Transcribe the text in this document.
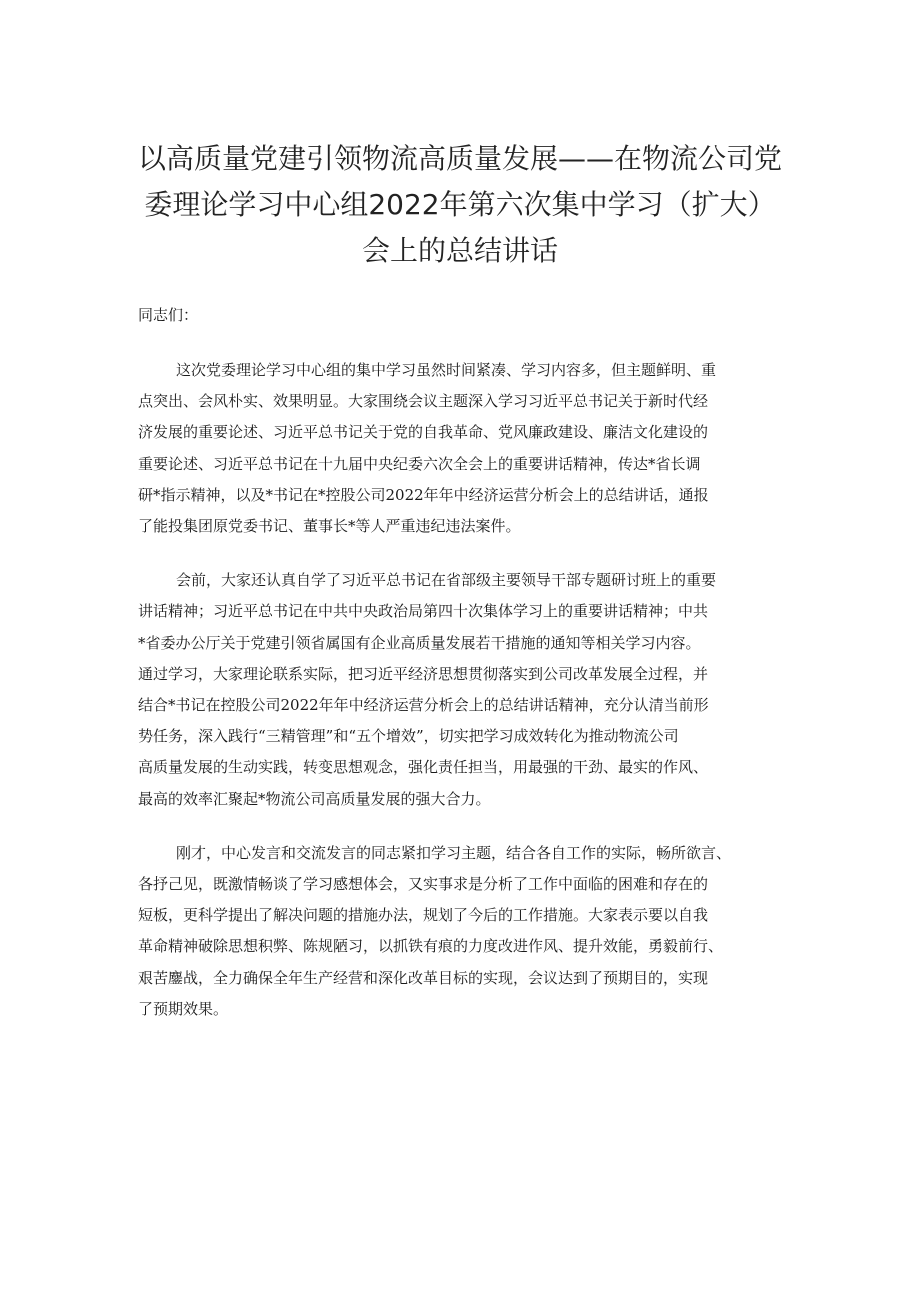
以高质量党建引领物流高质量发展——在物流公司党
委理论学习中心组2022年第六次集中学习（扩大）
会上的总结讲话

同志们：

这次党委理论学习中心组的集中学习虽然时间紧凑、学习内容多，但主题鲜明、重
点突出、会风朴实、效果明显。大家围绕会议主题深入学习习近平总书记关于新时代经
济发展的重要论述、习近平总书记关于党的自我革命、党风廉政建设、廉洁文化建设的
重要论述、习近平总书记在十九届中央纪委六次全会上的重要讲话精神，传达*省长调
研*指示精神，以及*书记在*控股公司2022年年中经济运营分析会上的总结讲话，通报
了能投集团原党委书记、董事长*等人严重违纪违法案件。

会前，大家还认真自学了习近平总书记在省部级主要领导干部专题研讨班上的重要
讲话精神；习近平总书记在中共中央政治局第四十次集体学习上的重要讲话精神；中共
*省委办公厅关于党建引领省属国有企业高质量发展若干措施的通知等相关学习内容。
通过学习，大家理论联系实际，把习近平经济思想贯彻落实到公司改革发展全过程，并
结合*书记在控股公司2022年年中经济运营分析会上的总结讲话精神，充分认清当前形
势任务，深入践行“三精管理”和“五个增效”，切实把学习成效转化为推动物流公司
高质量发展的生动实践，转变思想观念，强化责任担当，用最强的干劲、最实的作风、
最高的效率汇聚起*物流公司高质量发展的强大合力。

刚才，中心发言和交流发言的同志紧扣学习主题，结合各自工作的实际，畅所欲言、
各抒己见，既激情畅谈了学习感想体会，又实事求是分析了工作中面临的困难和存在的
短板，更科学提出了解决问题的措施办法，规划了今后的工作措施。大家表示要以自我
革命精神破除思想积弊、陈规陋习，以抓铁有痕的力度改进作风、提升效能，勇毅前行、
艰苦鏖战，全力确保全年生产经营和深化改革目标的实现，会议达到了预期目的，实现
了预期效果。
